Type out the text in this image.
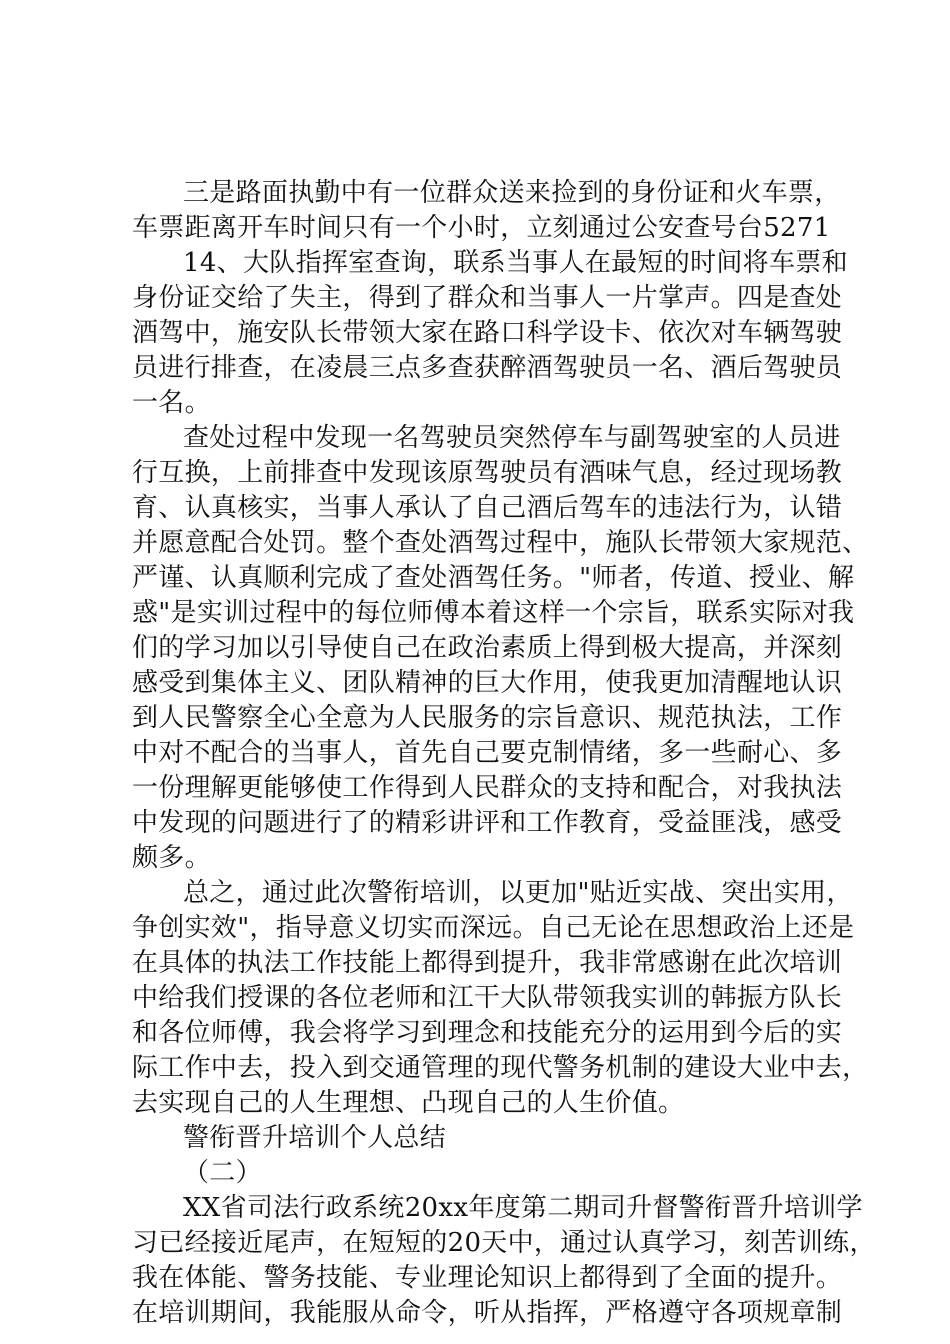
三是路面执勤中有一位群众送来捡到的身份证和火车票，
车票距离开车时间只有一个小时，立刻通过公安查号台5271
14、大队指挥室查询，联系当事人在最短的时间将车票和
身份证交给了失主，得到了群众和当事人一片掌声。四是查处
酒驾中，施安队长带领大家在路口科学设卡、依次对车辆驾驶
员进行排查，在凌晨三点多查获醉酒驾驶员一名、酒后驾驶员
一名。
查处过程中发现一名驾驶员突然停车与副驾驶室的人员进
行互换，上前排查中发现该原驾驶员有酒味气息，经过现场教
育、认真核实，当事人承认了自己酒后驾车的违法行为，认错
并愿意配合处罚。整个查处酒驾过程中，施队长带领大家规范、
严谨、认真顺利完成了查处酒驾任务。"师者，传道、授业、解
惑"是实训过程中的每位师傅本着这样一个宗旨，联系实际对我
们的学习加以引导使自己在政治素质上得到极大提高，并深刻
感受到集体主义、团队精神的巨大作用，使我更加清醒地认识
到人民警察全心全意为人民服务的宗旨意识、规范执法，工作
中对不配合的当事人，首先自己要克制情绪，多一些耐心、多
一份理解更能够使工作得到人民群众的支持和配合，对我执法
中发现的问题进行了的精彩讲评和工作教育，受益匪浅，感受
颇多。
总之，通过此次警衔培训，以更加"贴近实战、突出实用，
争创实效"，指导意义切实而深远。自己无论在思想政治上还是
在具体的执法工作技能上都得到提升，我非常感谢在此次培训
中给我们授课的各位老师和江干大队带领我实训的韩振方队长
和各位师傅，我会将学习到理念和技能充分的运用到今后的实
际工作中去，投入到交通管理的现代警务机制的建设大业中去，
去实现自己的人生理想、凸现自己的人生价值。
警衔晋升培训个人总结
（二）
XX省司法行政系统20xx年度第二期司升督警衔晋升培训学
习已经接近尾声，在短短的20天中，通过认真学习，刻苦训练，
我在体能、警务技能、专业理论知识上都得到了全面的提升。
在培训期间，我能服从命令，听从指挥，严格遵守各项规章制
